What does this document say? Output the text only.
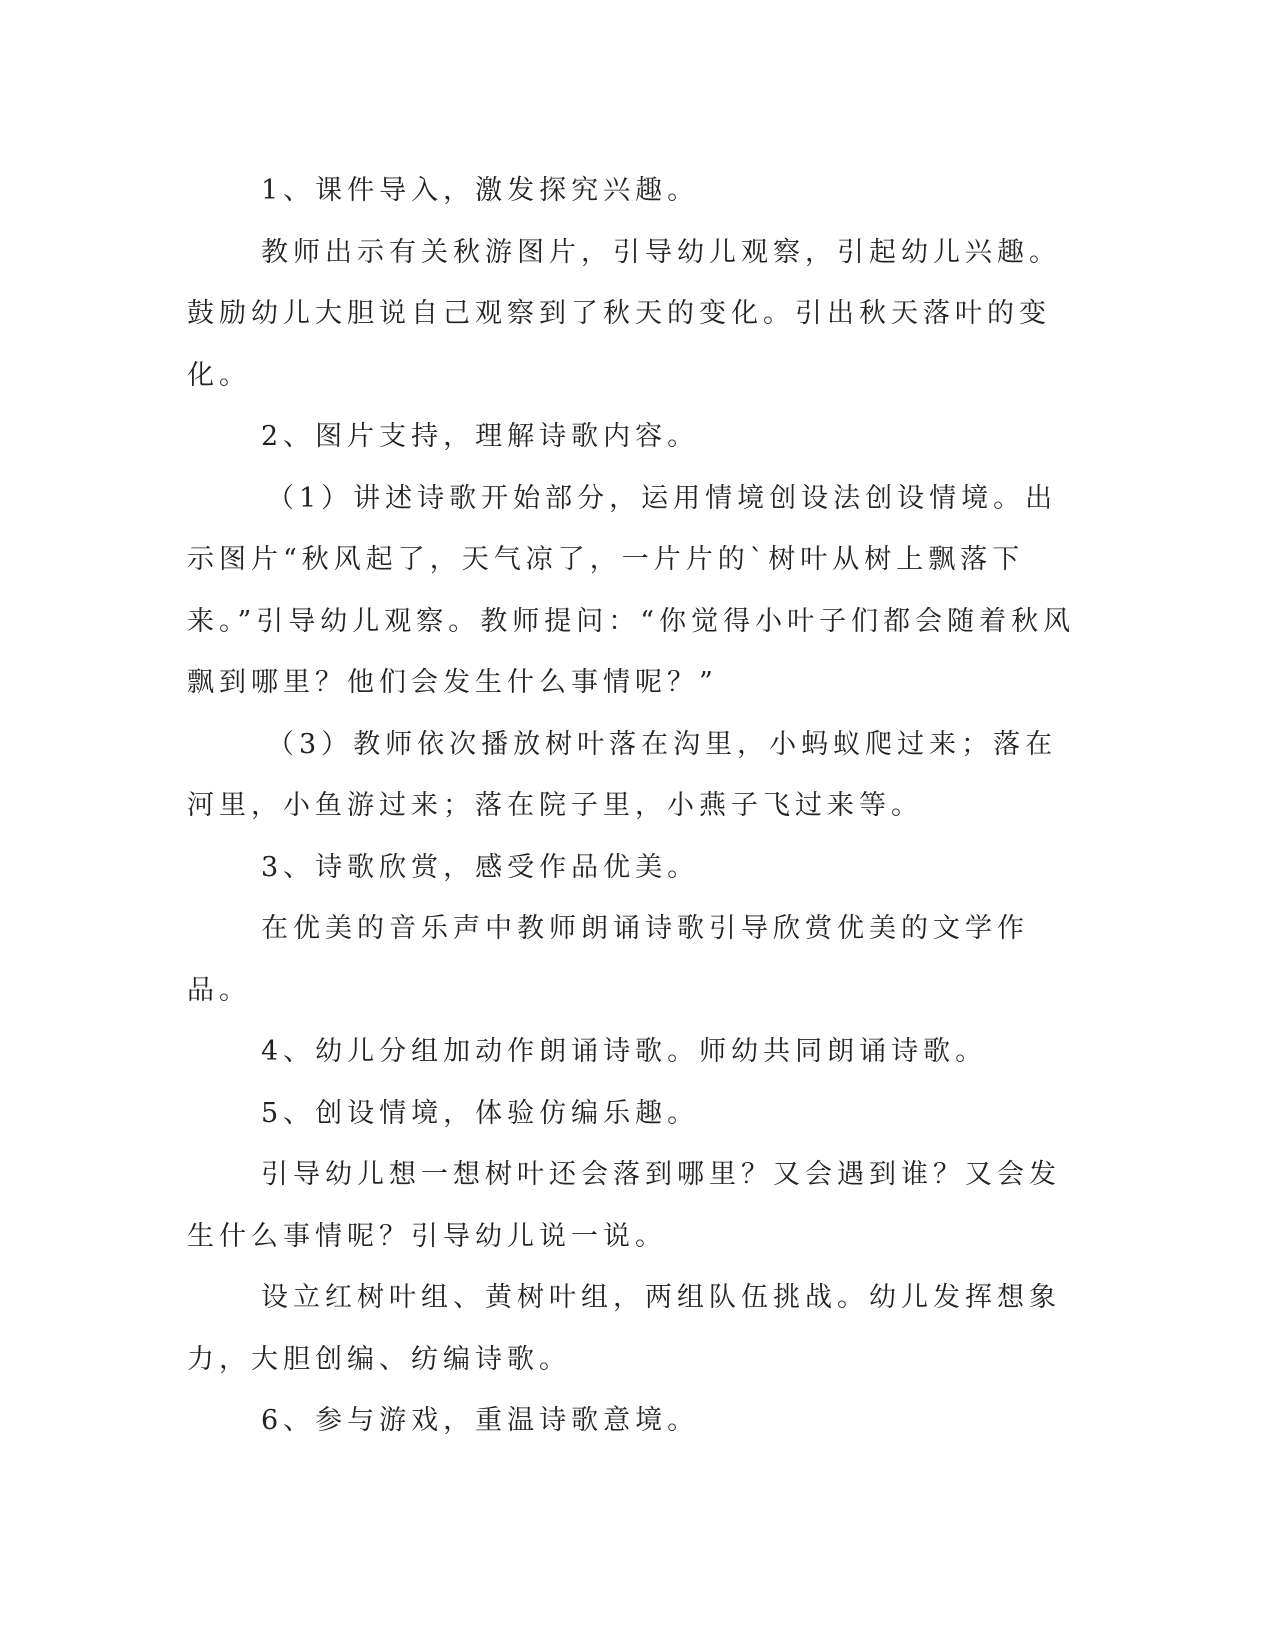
1、课件导入，激发探究兴趣。

教师出示有关秋游图片，引导幼儿观察，引起幼儿兴趣。鼓励幼儿大胆说自己观察到了秋天的变化。引出秋天落叶的变化。

2、图片支持，理解诗歌内容。

（1）讲述诗歌开始部分，运用情境创设法创设情境。出示图片“秋风起了，天气凉了，一片片的`树叶从树上飘落下来。”引导幼儿观察。教师提问：“你觉得小叶子们都会随着秋风飘到哪里？他们会发生什么事情呢？”

（3）教师依次播放树叶落在沟里，小蚂蚁爬过来；落在河里，小鱼游过来；落在院子里，小燕子飞过来等。

3、诗歌欣赏，感受作品优美。

在优美的音乐声中教师朗诵诗歌引导欣赏优美的文学作品。

4、幼儿分组加动作朗诵诗歌。师幼共同朗诵诗歌。

5、创设情境，体验仿编乐趣。

引导幼儿想一想树叶还会落到哪里？又会遇到谁？又会发生什么事情呢？引导幼儿说一说。

设立红树叶组、黄树叶组，两组队伍挑战。幼儿发挥想象力，大胆创编、纺编诗歌。

6、参与游戏，重温诗歌意境。
